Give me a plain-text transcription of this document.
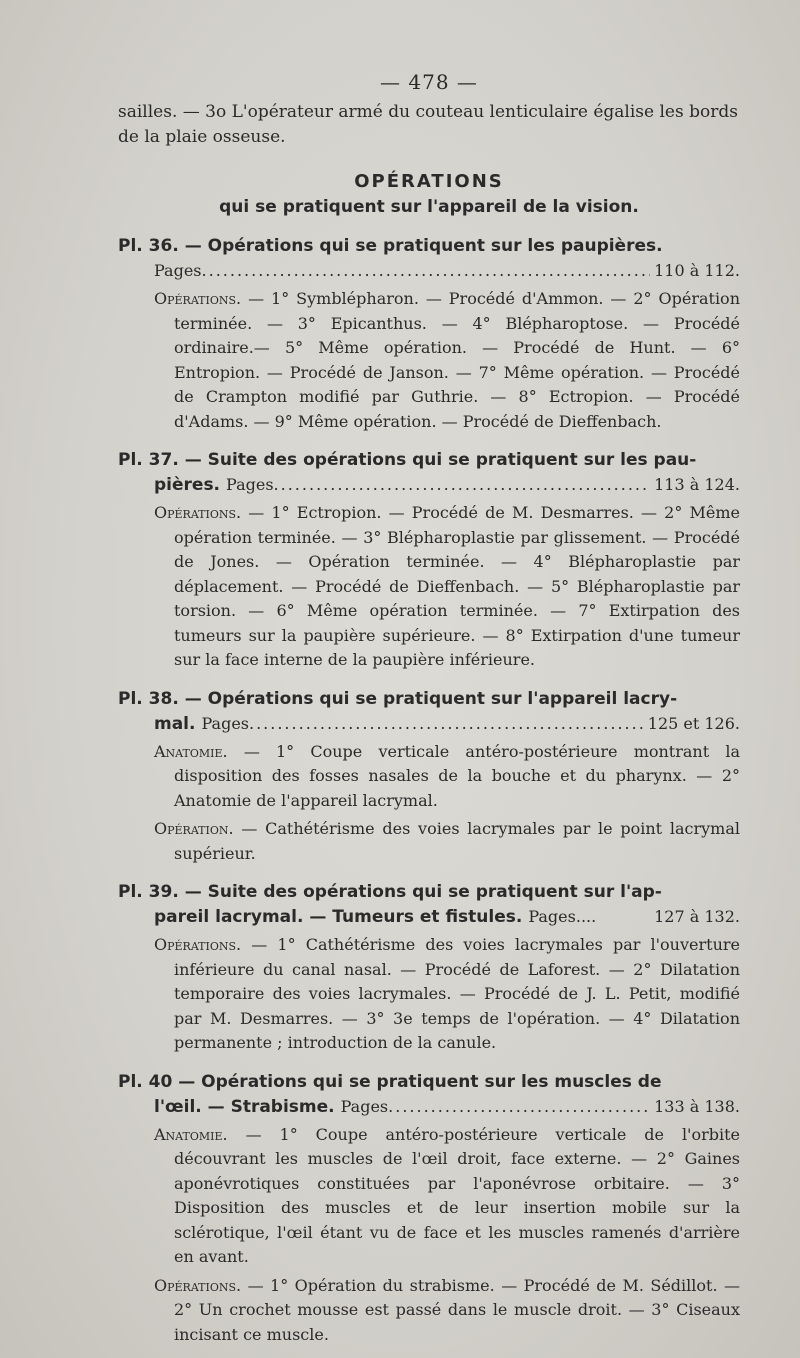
— 478 —

sailles. — 3o L'opérateur armé du couteau lenticulaire égalise les bords

de la plaie osseuse.

OPÉRATIONS
qui se pratiquent sur l'appareil de la vision.
Pl. 36. — Opérations qui se pratiquent sur les paupières.
Pages .....	110 à 112.

Opérations. — 1° Symblépharon. — Procédé d'Ammon. — 2° Opération terminée. — 3° Epicanthus. — 4° Blépharoptose. — Procédé ordinaire.— 5° Même opération. — Procédé de Hunt. — 6° Entropion. — Procédé de Janson. — 7° Même opération. — Procédé de Crampton modifié par Guthrie. — 8° Ectropion. — Procédé d'Adams. — 9° Même opération. — Procédé de Dieffenbach.

Pl. 37. — Suite des opérations qui se pratiquent sur les pau-
pières. Pages .....	113 à 124.

Opérations. — 1° Ectropion. — Procédé de M. Desmarres. — 2° Même opération terminée. — 3° Blépharoplastie par glissement. — Procédé de Jones. — Opération terminée. — 4° Blépharoplastie par déplacement. — Procédé de Dieffenbach. — 5° Blépharoplastie par torsion. — 6° Même opération terminée. — 7° Extirpation des tumeurs sur la paupière supérieure. — 8° Extirpation d'une tumeur sur la face interne de la paupière inférieure.

Pl. 38. — Opérations qui se pratiquent sur l'appareil lacry-
mal. Pages .....	125 et 126.

Anatomie. — 1° Coupe verticale antéro-postérieure montrant la disposition des fosses nasales de la bouche et du pharynx. — 2° Anatomie de l'appareil lacrymal.

Opération. — Cathétérisme des voies lacrymales par le point lacrymal supérieur.

Pl. 39. — Suite des opérations qui se pratiquent sur l'ap-
pareil lacrymal. — Tumeurs et fistules. Pages....	127 à 132.

Opérations. — 1° Cathétérisme des voies lacrymales par l'ouverture inférieure du canal nasal. — Procédé de Laforest. — 2° Dilatation temporaire des voies lacrymales. — Procédé de J. L. Petit, modifié par M. Desmarres. — 3° 3e temps de l'opération. — 4° Dilatation permanente ; introduction de la canule.

Pl. 40 — Opérations qui se pratiquent sur les muscles de
l'œil. — Strabisme. Pages .....	133 à 138.

Anatomie. — 1° Coupe antéro-postérieure verticale de l'orbite découvrant les muscles de l'œil droit, face externe. — 2° Gaines aponévrotiques constituées par l'aponévrose orbitaire. — 3° Disposition des muscles et de leur insertion mobile sur la sclérotique, l'œil étant vu de face et les muscles ramenés d'arrière en avant.

Opérations. — 1° Opération du strabisme. — Procédé de M. Sédillot. — 2° Un crochet mousse est passé dans le muscle droit. — 3° Ciseaux incisant ce muscle.
